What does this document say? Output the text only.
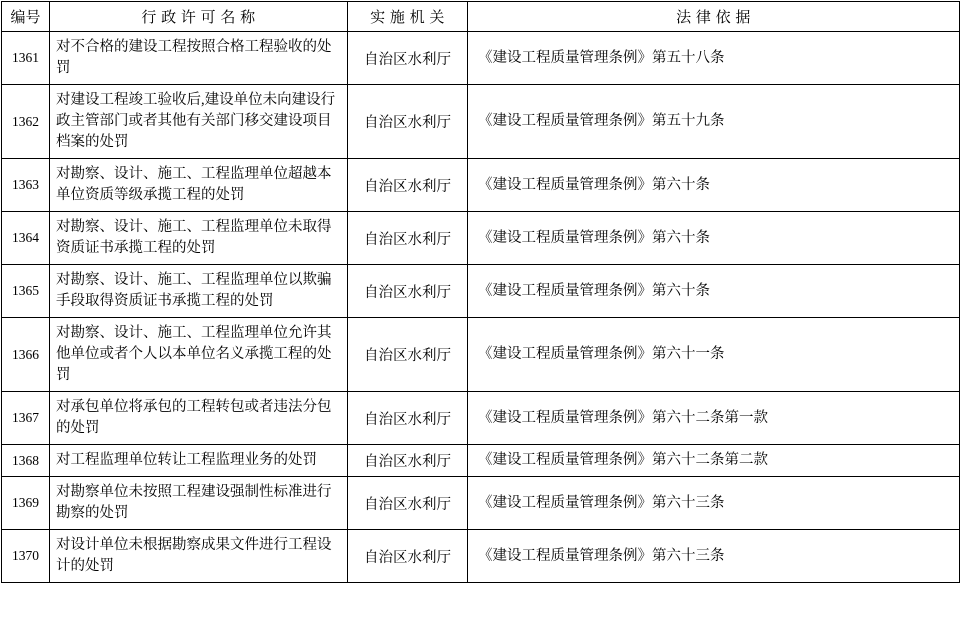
编号	行 政 许 可 名 称	实 施 机 关	法 律 依 据
1361	对不合格的建设工程按照合格工程验收的处罚	自治区水利厅	《建设工程质量管理条例》第五十八条
1362	对建设工程竣工验收后,建设单位未向建设行政主管部门或者其他有关部门移交建设项目档案的处罚	自治区水利厅	《建设工程质量管理条例》第五十九条
1363	对勘察、设计、施工、工程监理单位超越本单位资质等级承揽工程的处罚	自治区水利厅	《建设工程质量管理条例》第六十条
1364	对勘察、设计、施工、工程监理单位未取得资质证书承揽工程的处罚	自治区水利厅	《建设工程质量管理条例》第六十条
1365	对勘察、设计、施工、工程监理单位以欺骗手段取得资质证书承揽工程的处罚	自治区水利厅	《建设工程质量管理条例》第六十条
1366	对勘察、设计、施工、工程监理单位允许其他单位或者个人以本单位名义承揽工程的处罚	自治区水利厅	《建设工程质量管理条例》第六十一条
1367	对承包单位将承包的工程转包或者违法分包的处罚	自治区水利厅	《建设工程质量管理条例》第六十二条第一款
1368	对工程监理单位转让工程监理业务的处罚	自治区水利厅	《建设工程质量管理条例》第六十二条第二款
1369	对勘察单位未按照工程建设强制性标准进行勘察的处罚	自治区水利厅	《建设工程质量管理条例》第六十三条
1370	对设计单位未根据勘察成果文件进行工程设计的处罚	自治区水利厅	《建设工程质量管理条例》第六十三条
